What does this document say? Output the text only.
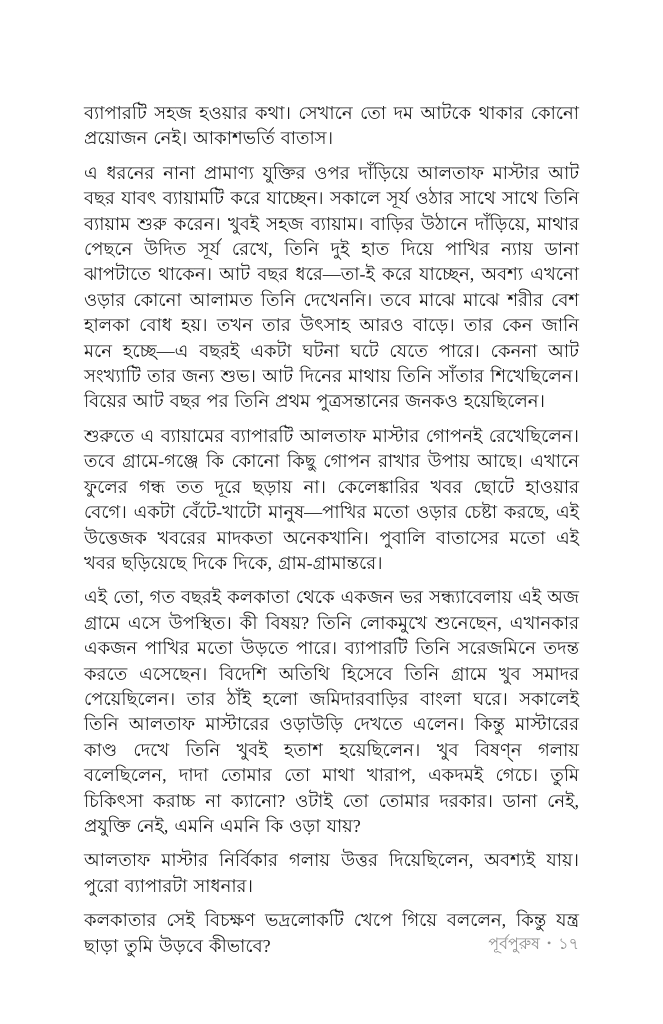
ব্যাপারটি সহজ হওয়ার কথা। সেখানে তো দম আটকে থাকার কোনো প্রয়োজন নেই। আকাশভর্তি বাতাস।

এ ধরনের নানা প্রামাণ্য যুক্তির ওপর দাঁড়িয়ে আলতাফ মাস্টার আট বছর যাবৎ ব্যায়ামটি করে যাচ্ছেন। সকালে সূর্য ওঠার সাথে সাথে তিনি ব্যায়াম শুরু করেন। খুবই সহজ ব্যায়াম। বাড়ির উঠানে দাঁড়িয়ে, মাথার পেছনে উদিত সূর্য রেখে, তিনি দুই হাত দিয়ে পাখির ন্যায় ডানা ঝাপটাতে থাকেন। আট বছর ধরে—তা-ই করে যাচ্ছেন, অবশ্য এখনো ওড়ার কোনো আলামত তিনি দেখেননি। তবে মাঝে মাঝে শরীর বেশ হালকা বোধ হয়। তখন তার উৎসাহ আরও বাড়ে। তার কেন জানি মনে হচ্ছে—এ বছরই একটা ঘটনা ঘটে যেতে পারে। কেননা আট সংখ্যাটি তার জন্য শুভ। আট দিনের মাথায় তিনি সাঁতার শিখেছিলেন। বিয়ের আট বছর পর তিনি প্রথম পুত্রসন্তানের জনকও হয়েছিলেন।

শুরুতে এ ব্যায়ামের ব্যাপারটি আলতাফ মাস্টার গোপনই রেখেছিলেন। তবে গ্রামে-গঞ্জে কি কোনো কিছু গোপন রাখার উপায় আছে। এখানে ফুলের গন্ধ তত দূরে ছড়ায় না। কেলেঙ্কারির খবর ছোটে হাওয়ার বেগে। একটা বেঁটে-খাটো মানুষ—পাখির মতো ওড়ার চেষ্টা করছে, এই উত্তেজক খবরের মাদকতা অনেকখানি। পুবালি বাতাসের মতো এই খবর ছড়িয়েছে দিকে দিকে, গ্রাম-গ্রামান্তরে।

এই তো, গত বছরই কলকাতা থেকে একজন ভর সন্ধ্যাবেলায় এই অজ গ্রামে এসে উপস্থিত। কী বিষয়? তিনি লোকমুখে শুনেছেন, এখানকার একজন পাখির মতো উড়তে পারে। ব্যাপারটি তিনি সরেজমিনে তদন্ত করতে এসেছেন। বিদেশি অতিথি হিসেবে তিনি গ্রামে খুব সমাদর পেয়েছিলেন। তার ঠাঁই হলো জমিদারবাড়ির বাংলা ঘরে। সকালেই তিনি আলতাফ মাস্টারের ওড়াউড়ি দেখতে এলেন। কিন্তু মাস্টারের কাণ্ড দেখে তিনি খুবই হতাশ হয়েছিলেন। খুব বিষণ্ন গলায় বলেছিলেন, দাদা তোমার তো মাথা খারাপ, একদমই গেচে। তুমি চিকিৎসা করাচ্চ না ক্যানো? ওটাই তো তোমার দরকার। ডানা নেই, প্রযুক্তি নেই, এমনি এমনি কি ওড়া যায়?

আলতাফ মাস্টার নির্বিকার গলায় উত্তর দিয়েছিলেন, অবশ্যই যায়। পুরো ব্যাপারটা সাধনার।

কলকাতার সেই বিচক্ষণ ভদ্রলোকটি খেপে গিয়ে বললেন, কিন্তু যন্ত্র ছাড়া তুমি উড়বে কীভাবে?	পূর্বপুরুষ • ১৭
